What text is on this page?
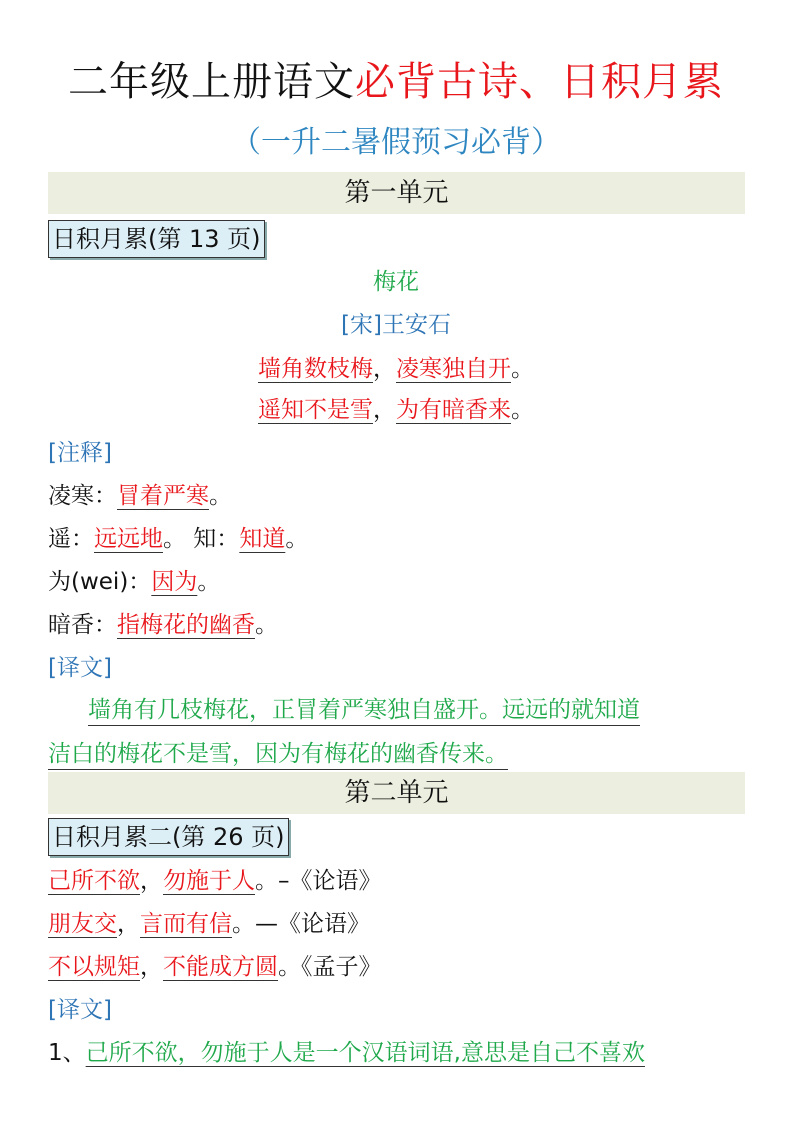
二年级上册语文必背古诗、日积月累
（一升二暑假预习必背）
第一单元
日积月累(第 13 页)
梅花
[宋]王安石
墙角数枝梅，凌寒独自开。
遥知不是雪，为有暗香来。
[注释]
凌寒：冒着严寒。
遥：远远地。 知：知道。
为(wei)：因为。
暗香：指梅花的幽香。
[译文]
墙角有几枝梅花，正冒着严寒独自盛开。远远的就知道
洁白的梅花不是雪，因为有梅花的幽香传来。
第二单元
日积月累二(第 26 页)
己所不欲，勿施于人。–《论语》
朋友交，言而有信。—《论语》
不以规矩，不能成方圆。《孟子》
[译文]
1、己所不欲，勿施于人是一个汉语词语,意思是自己不喜欢
